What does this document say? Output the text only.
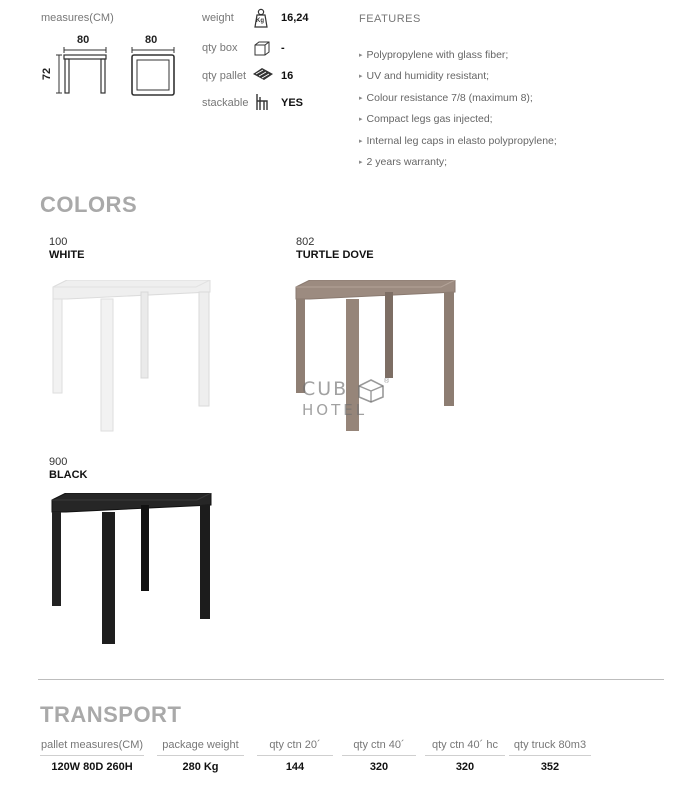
measures(CM)
80
72
80
weight	Kg 16,24
qty box	-
qty pallet	16
stackable	YES
FEATURES
▸ Polypropylene with glass fiber;
▸ UV and humidity resistant;
▸ Colour resistance 7/8 (maximum 8);
▸ Compact legs gas injected;
▸ Internal leg caps in elasto polypropylene;
▸ 2 years warranty;
COLORS
100
WHITE
802
TURTLE DOVE
CUB	®
HOTEL
900
BLACK
TRANSPORT
pallet measures(CM)
120W 80D 260H
package weight
280 Kg
qty ctn 20´
144
qty ctn 40´
320
qty ctn 40´ hc
320
qty truck 80m3
352
